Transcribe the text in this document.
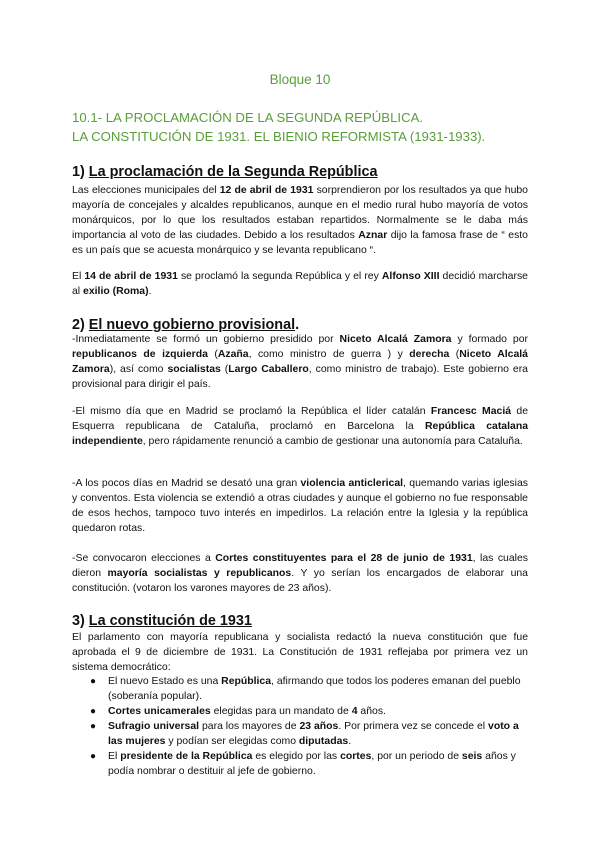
Bloque 10
10.1- LA PROCLAMACIÓN DE LA SEGUNDA REPÚBLICA.
LA CONSTITUCIÓN DE 1931. EL BIENIO REFORMISTA (1931-1933).
1) La proclamación de la Segunda República
Las elecciones municipales del 12 de abril de 1931 sorprendieron por los resultados ya que hubo mayoría de concejales y alcaldes republicanos, aunque en el medio rural hubo mayoría de votos monárquicos, por lo que los resultados estaban repartidos. Normalmente se le daba más importancia al voto de las ciudades. Debido a los resultados Aznar dijo la famosa frase de “ esto es un país que se acuesta monárquico y se levanta republicano “.
El 14 de abril de 1931 se proclamó la segunda República y el rey Alfonso XIII decidió marcharse al exilio (Roma).
2) El nuevo gobierno provisional.
-Inmediatamente se formó un gobierno presidido por Niceto Alcalá Zamora y formado por republicanos de izquierda (Azaña, como ministro de guerra ) y derecha (Niceto Alcalá Zamora), así como socialistas (Largo Caballero, como ministro de trabajo). Este gobierno era provisional para dirigir el país.
-El mismo día que en Madrid se proclamó la República el líder catalán Francesc Maciá de Esquerra republicana de Cataluña, proclamó en Barcelona la República catalana independiente, pero rápidamente renunció a cambio de gestionar una autonomía para Cataluña.
-A los pocos días en Madrid se desató una gran violencia anticlerical, quemando varias iglesias y conventos. Esta violencia se extendió a otras ciudades y aunque el gobierno no fue responsable de esos hechos, tampoco tuvo interés en impedirlos. La relación entre la Iglesia y la república quedaron rotas.
-Se convocaron elecciones a Cortes constituyentes para el 28 de junio de 1931, las cuales dieron mayoría socialistas y republicanos. Y yo serían los encargados de elaborar una constitución. (votaron los varones mayores de 23 años).
3) La constitución de 1931
El parlamento con mayoría republicana y socialista redactó la nueva constitución que fue aprobada el 9 de diciembre de 1931. La Constitución de 1931 reflejaba por primera vez un sistema democrático:
● El nuevo Estado es una República, afirmando que todos los poderes emanan del pueblo (soberanía popular).
● Cortes unicamerales elegidas para un mandato de 4 años.
● Sufragio universal para los mayores de 23 años. Por primera vez se concede el voto a las mujeres y podían ser elegidas como diputadas.
● El presidente de la República es elegido por las cortes, por un periodo de seis años y podía nombrar o destituir al jefe de gobierno.
